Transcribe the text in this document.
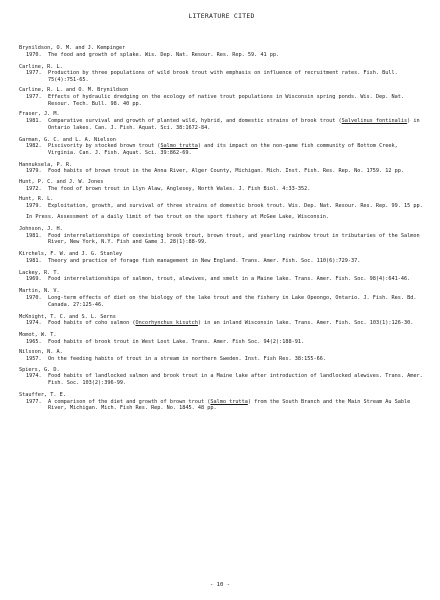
LITERATURE CITED
Brynildson, O. M. and J. Kempinger
1970.	The food and growth of splake. Wis. Dep. Nat. Resour. Res. Rep. 59. 41 pp.
Carline, R. L.
1977.	Production by three populations of wild brook trout with emphasis on influence of recruitment rates. Fish. Bull. 75(4):751-65.
Carline, R. L. and O. M. Brynildson
1977.	Effects of hydraulic dredging on the ecology of native trout populations in Wisconsin spring ponds. Wis. Dep. Nat. Resour. Tech. Bull. 98. 40 pp.
Fraser, J. M.
1981.	Comparative survival and growth of planted wild, hybrid, and domestic strains of brook trout (Salvelinus fontinalis) in Ontario lakes. Can. J. Fish. Aquat. Sci. 38:1672-84.
Garman, G. C. and L. A. Nielson
1982.	Piscivority by stocked brown trout (Salmo trutta) and its impact on the non-game fish community of Bottom Creek, Virginia. Can. J. Fish. Aquat. Sci. 39:862-69.
Hannuksela, P. R.
1979.	Food habits of brown trout in the Anna River, Alger County, Michigan. Mich. Inst. Fish. Res. Rep. No. 1759. 12 pp.
Hunt, P. C. and J. W. Jones
1972.	The food of brown trout in Llyn Alaw, Anglesey, North Wales. J. Fish Biol. 4:33-352.
Hunt, R. L.
1979.	Exploitation, growth, and survival of three strains of domestic brook trout. Wis. Dep. Nat. Resour. Res. Rep. 99. 15 pp.
In Press. Assessment of a daily limit of two trout on the sport fishery at McGee Lake, Wisconsin.
Johnson, J. H.
1981.	Food interrelationships of coexisting brook trout, brown trout, and yearling rainbow trout in tributaries of the Salmon River, New York, N.Y. Fish and Game J. 28(1):88-99.
Kirchels, F. W. and J. G. Stanley
1981.	Theory and practice of forage fish management in New England. Trans. Amer. Fish. Soc. 110(6):729-37.
Lackey, R. T.
1969.	Food interrelationships of salmon, trout, alewives, and smelt in a Maine lake. Trans. Amer. Fish. Soc. 98(4):641-46.
Martin, N. V.
1970.	Long-term effects of diet on the biology of the lake trout and the fishery in Lake Opeongo, Ontario. J. Fish. Res. Bd. Canada. 27:125-46.
McKnight, T. C. and S. L. Serns
1974.	Food habits of coho salmon (Oncorhynchus kisutch) in an inland Wisconsin lake. Trans. Amer. Fish. Soc. 103(1):126-30.
Momot, W. T.
1965.	Food habits of brook trout in West Lost Lake. Trans. Amer. Fish Soc. 94(2):188-91.
Nilsson, N. A.
1957.	On the feeding habits of trout in a stream in northern Sweden. Inst. Fish Res. 38:155-66.
Spiers, G. D.
1974.	Food habits of landlocked salmon and brook trout in a Maine lake after introduction of landlocked alewives. Trans. Amer. Fish. Soc. 103(2):396-99.
Stauffer, T. E.
1977.	A comparison of the diet and growth of brown trout (Salmo trutta) from the South Branch and the Main Stream Au Sable River, Michigan. Mich. Fish Res. Rep. No. 1845. 48 pp.
- 10 -
